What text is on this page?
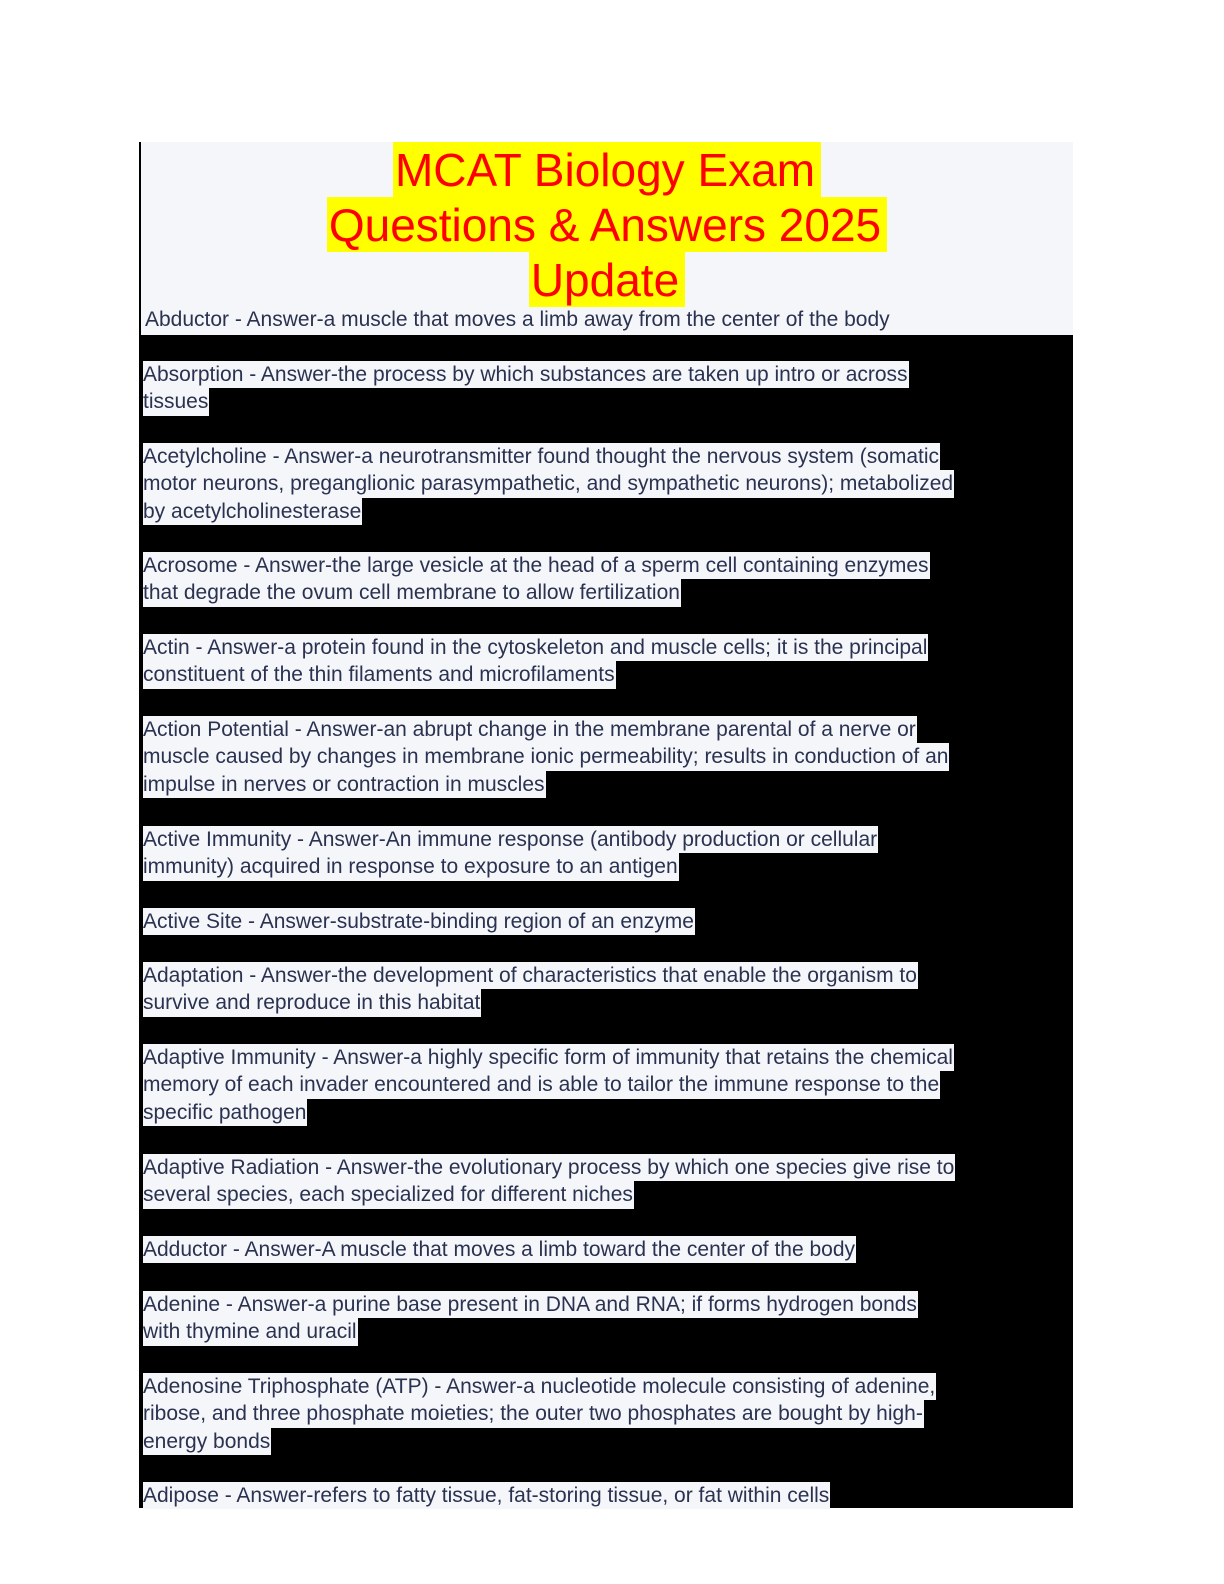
MCAT Biology Exam
Questions & Answers 2025
Update
Abductor - Answer-a muscle that moves a limb away from the center of the body
Absorption - Answer-the process by which substances are taken up intro or across
tissues
Acetylcholine - Answer-a neurotransmitter found thought the nervous system (somatic
motor neurons, preganglionic parasympathetic, and sympathetic neurons); metabolized
by acetylcholinesterase
Acrosome - Answer-the large vesicle at the head of a sperm cell containing enzymes
that degrade the ovum cell membrane to allow fertilization
Actin - Answer-a protein found in the cytoskeleton and muscle cells; it is the principal
constituent of the thin filaments and microfilaments
Action Potential - Answer-an abrupt change in the membrane parental of a nerve or
muscle caused by changes in membrane ionic permeability; results in conduction of an
impulse in nerves or contraction in muscles
Active Immunity - Answer-An immune response (antibody production or cellular
immunity) acquired in response to exposure to an antigen
Active Site - Answer-substrate-binding region of an enzyme
Adaptation - Answer-the development of characteristics that enable the organism to
survive and reproduce in this habitat
Adaptive Immunity - Answer-a highly specific form of immunity that retains the chemical
memory of each invader encountered and is able to tailor the immune response to the
specific pathogen
Adaptive Radiation - Answer-the evolutionary process by which one species give rise to
several species, each specialized for different niches
Adductor - Answer-A muscle that moves a limb toward the center of the body
Adenine - Answer-a purine base present in DNA and RNA; if forms hydrogen bonds
with thymine and uracil
Adenosine Triphosphate (ATP) - Answer-a nucleotide molecule consisting of adenine,
ribose, and three phosphate moieties; the outer two phosphates are bought by high-
energy bonds
Adipose - Answer-refers to fatty tissue, fat-storing tissue, or fat within cells
